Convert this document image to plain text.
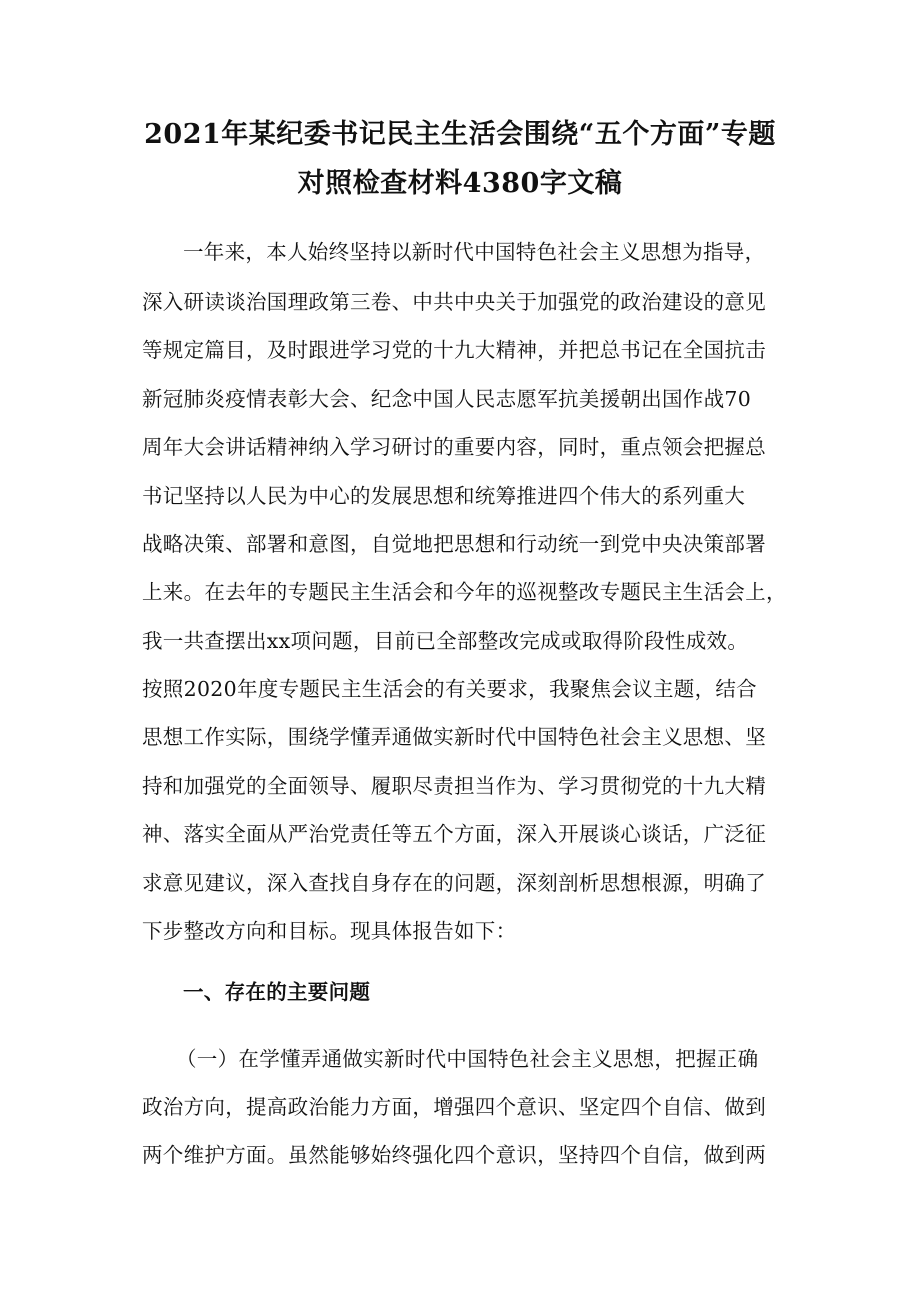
2021年某纪委书记民主生活会围绕“五个方面”专题
对照检查材料4380字文稿
一年来，本人始终坚持以新时代中国特色社会主义思想为指导，
深入研读谈治国理政第三卷、中共中央关于加强党的政治建设的意见
等规定篇目，及时跟进学习党的十九大精神，并把总书记在全国抗击
新冠肺炎疫情表彰大会、纪念中国人民志愿军抗美援朝出国作战70
周年大会讲话精神纳入学习研讨的重要内容，同时，重点领会把握总
书记坚持以人民为中心的发展思想和统筹推进四个伟大的系列重大
战略决策、部署和意图，自觉地把思想和行动统一到党中央决策部署
上来。在去年的专题民主生活会和今年的巡视整改专题民主生活会上，
我一共查摆出xx项问题，目前已全部整改完成或取得阶段性成效。
按照2020年度专题民主生活会的有关要求，我聚焦会议主题，结合
思想工作实际，围绕学懂弄通做实新时代中国特色社会主义思想、坚
持和加强党的全面领导、履职尽责担当作为、学习贯彻党的十九大精
神、落实全面从严治党责任等五个方面，深入开展谈心谈话，广泛征
求意见建议，深入查找自身存在的问题，深刻剖析思想根源，明确了
下步整改方向和目标。现具体报告如下：
一、存在的主要问题
（一）在学懂弄通做实新时代中国特色社会主义思想，把握正确
政治方向，提高政治能力方面，增强四个意识、坚定四个自信、做到
两个维护方面。虽然能够始终强化四个意识，坚持四个自信，做到两
